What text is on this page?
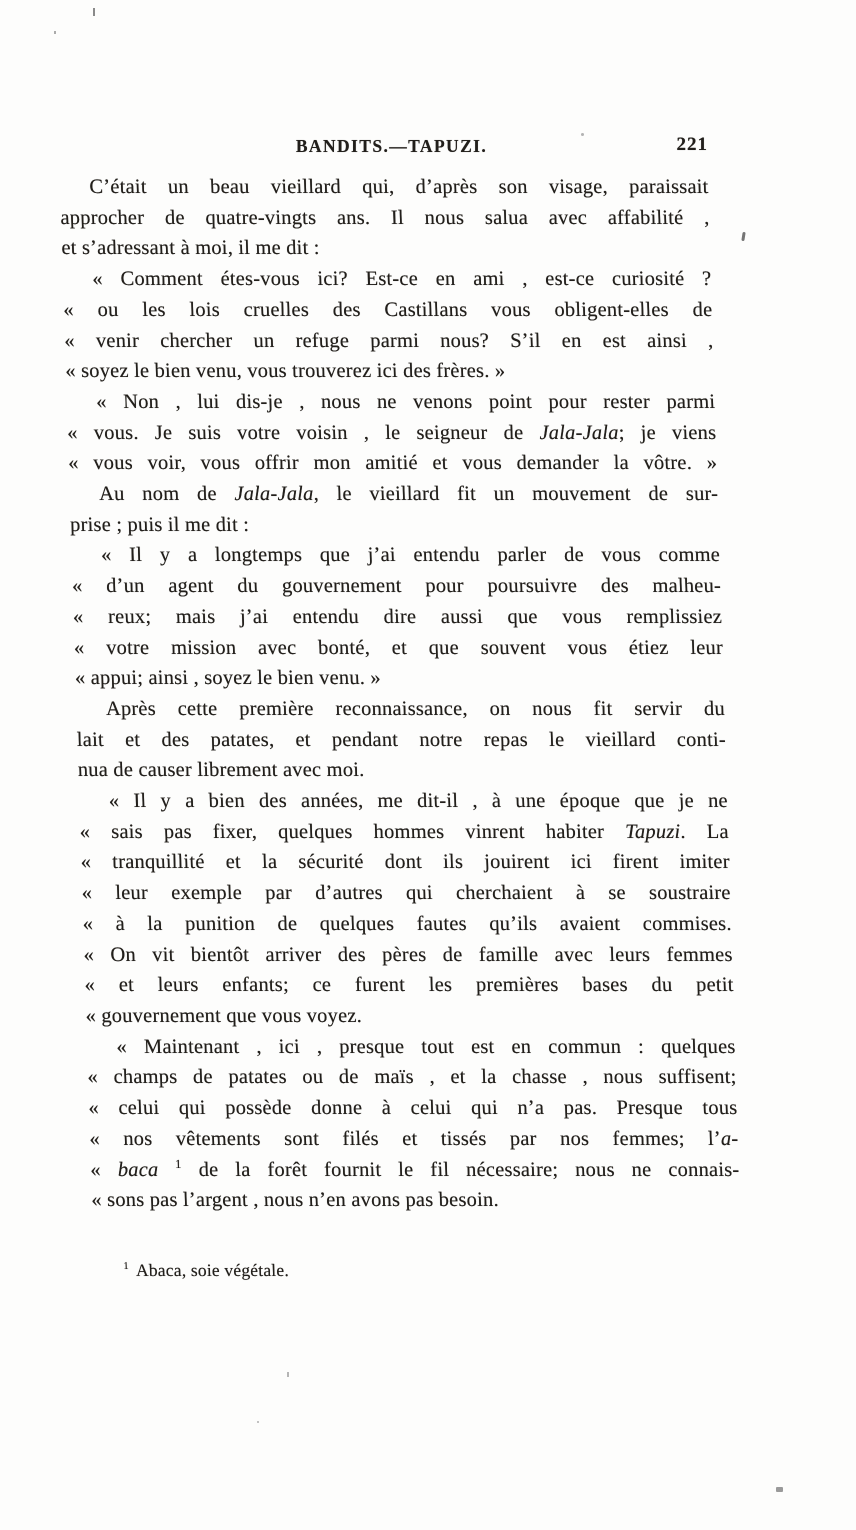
BANDITS.—TAPUZI.	221
C’était un beau vieillard qui, d’après son visage, paraissait
approcher de quatre-vingts ans. Il nous salua avec affabilité ,
et s’adressant à moi, il me dit :
« Comment étes-vous ici? Est-ce en ami , est-ce curiosité ?
« ou les lois cruelles des Castillans vous obligent-elles de
« venir chercher un refuge parmi nous? S’il en est ainsi ,
« soyez le bien venu, vous trouverez ici des frères. »
« Non , lui dis-je , nous ne venons point pour rester parmi
« vous. Je suis votre voisin , le seigneur de Jala-Jala; je viens
« vous voir, vous offrir mon amitié et vous demander la vôtre. »
Au nom de Jala-Jala, le vieillard fit un mouvement de sur-
prise ; puis il me dit :
« Il y a longtemps que j’ai entendu parler de vous comme
« d’un agent du gouvernement pour poursuivre des malheu-
« reux; mais j’ai entendu dire aussi que vous remplissiez
« votre mission avec bonté, et que souvent vous étiez leur
« appui; ainsi , soyez le bien venu. »
Après cette première reconnaissance, on nous fit servir du
lait et des patates, et pendant notre repas le vieillard conti-
nua de causer librement avec moi.
« Il y a bien des années, me dit-il , à une époque que je ne
« sais pas fixer, quelques hommes vinrent habiter Tapuzi. La
« tranquillité et la sécurité dont ils jouirent ici firent imiter
« leur exemple par d’autres qui cherchaient à se soustraire
« à la punition de quelques fautes qu’ils avaient commises.
« On vit bientôt arriver des pères de famille avec leurs femmes
« et leurs enfants; ce furent les premières bases du petit
« gouvernement que vous voyez.
« Maintenant , ici , presque tout est en commun : quelques
« champs de patates ou de maïs , et la chasse , nous suffisent;
« celui qui possède donne à celui qui n’a pas. Presque tous
« nos vêtements sont filés et tissés par nos femmes; l’a-
« baca $^1$ de la forêt fournit le fil nécessaire; nous ne connais-
« sons pas l’argent , nous n’en avons pas besoin.
$^1$ Abaca, soie végétale.
